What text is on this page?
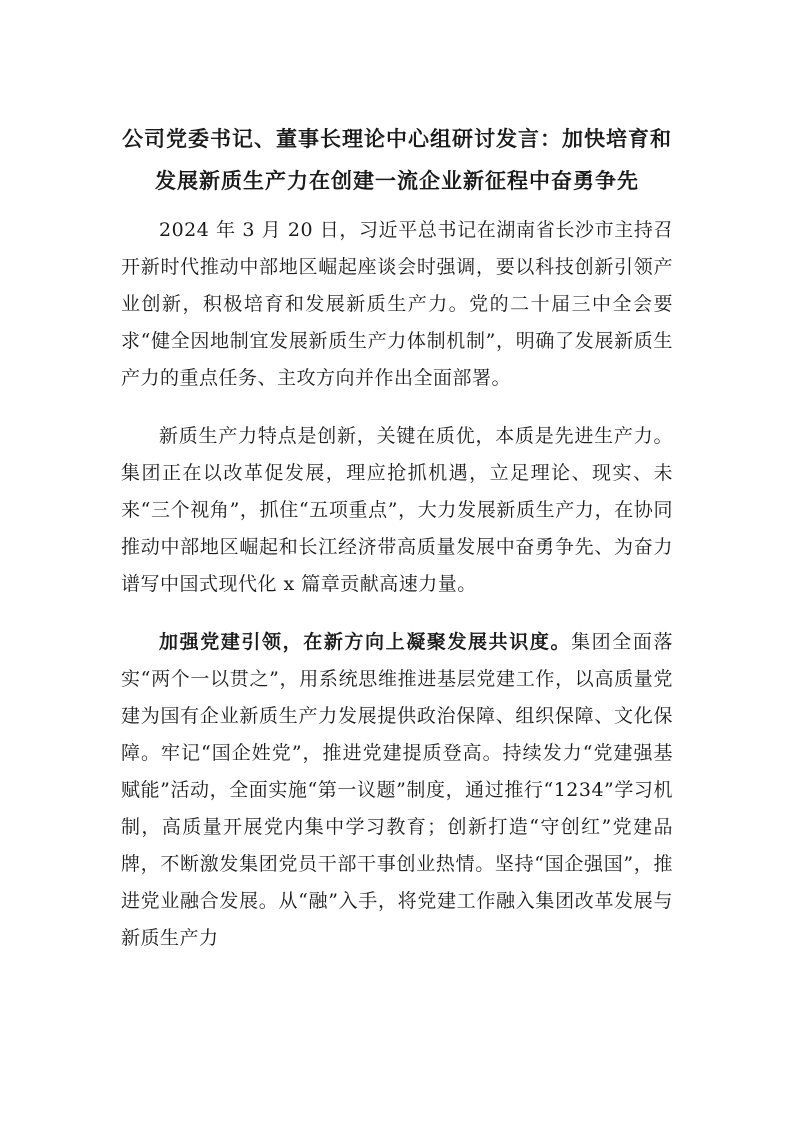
公司党委书记、董事长理论中心组研讨发言：加快培育和发展新质生产力在创建一流企业新征程中奋勇争先

2024 年 3 月 20 日，习近平总书记在湖南省长沙市主持召开新时代推动中部地区崛起座谈会时强调，要以科技创新引领产业创新，积极培育和发展新质生产力。党的二十届三中全会要求“健全因地制宜发展新质生产力体制机制”，明确了发展新质生产力的重点任务、主攻方向并作出全面部署。

新质生产力特点是创新，关键在质优，本质是先进生产力。集团正在以改革促发展，理应抢抓机遇，立足理论、现实、未来“三个视角”，抓住“五项重点”，大力发展新质生产力，在协同推动中部地区崛起和长江经济带高质量发展中奋勇争先、为奋力谱写中国式现代化 x 篇章贡献高速力量。

加强党建引领，在新方向上凝聚发展共识度。集团全面落实“两个一以贯之”，用系统思维推进基层党建工作，以高质量党建为国有企业新质生产力发展提供政治保障、组织保障、文化保障。牢记“国企姓党”，推进党建提质登高。持续发力“党建强基赋能”活动，全面实施“第一议题”制度，通过推行“1234”学习机制，高质量开展党内集中学习教育；创新打造“守创红”党建品牌，不断激发集团党员干部干事创业热情。坚持“国企强国”，推进党业融合发展。从“融”入手，将党建工作融入集团改革发展与新质生产力
